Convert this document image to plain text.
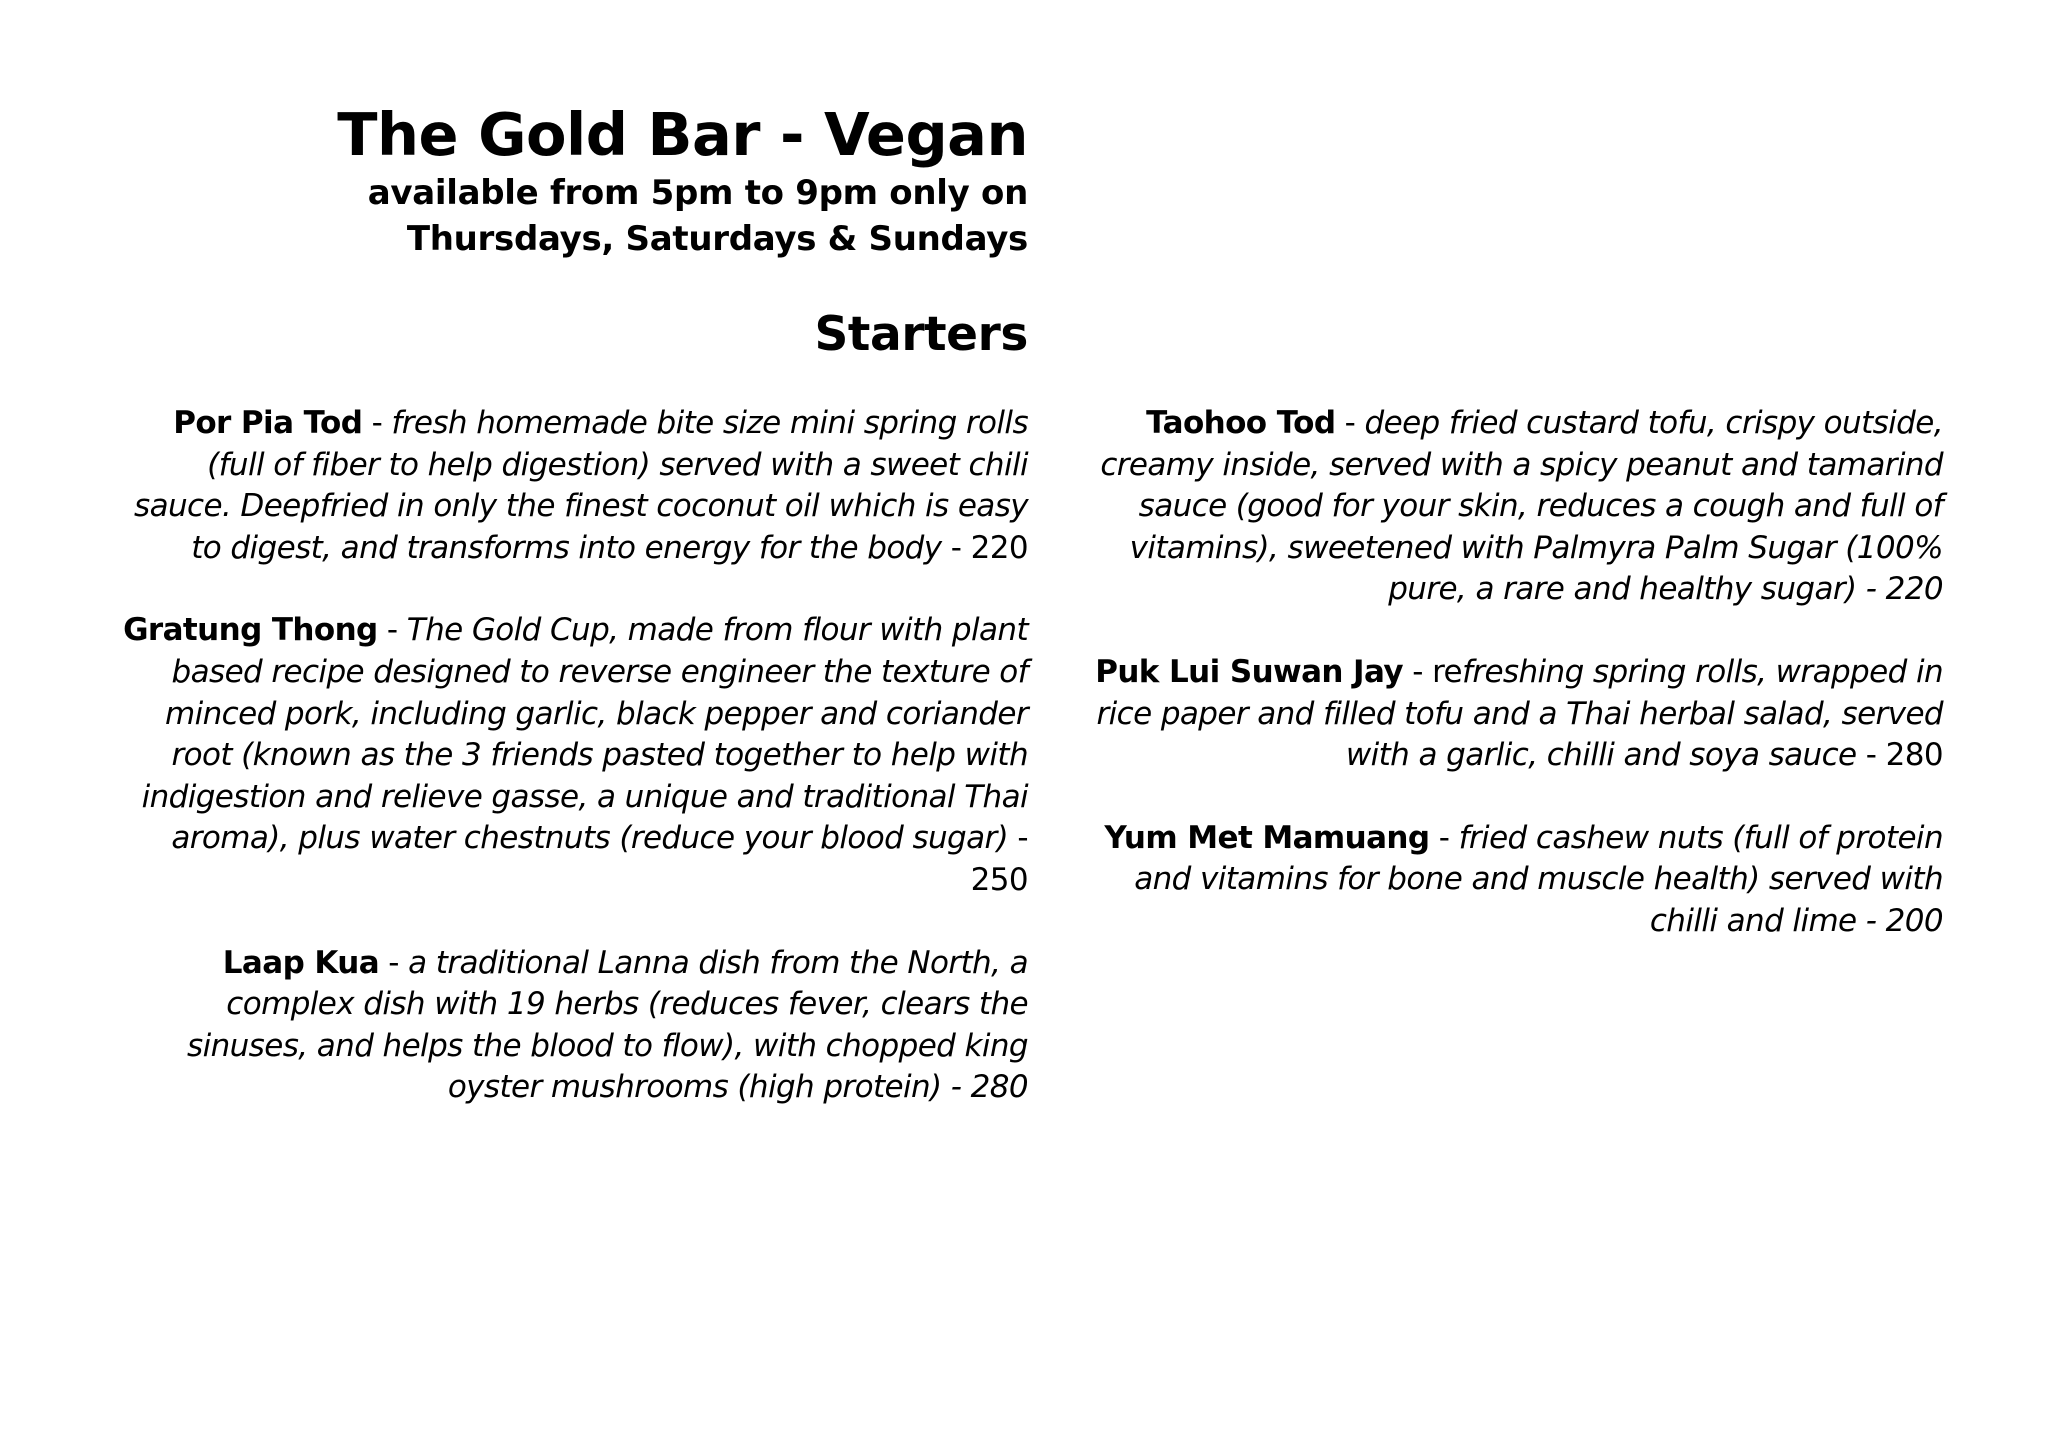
The Gold Bar - Vegan

available from 5pm to 9pm only on

Thursdays, Saturdays & Sundays

Starters

Por Pia Tod - fresh homemade bite size mini spring rolls (full of fiber to help digestion) served with a sweet chili sauce. Deepfried in only the finest coconut oil which is easy to digest, and transforms into energy for the body - 220

Gratung Thong - The Gold Cup, made from flour with plant based recipe designed to reverse engineer the texture of minced pork, including garlic, black pepper and coriander root (known as the 3 friends pasted together to help with indigestion and relieve gasse, a unique and traditional Thai aroma), plus water chestnuts (reduce your blood sugar) - 250

Laap Kua - a traditional Lanna dish from the North, a complex dish with 19 herbs (reduces fever, clears the sinuses, and helps the blood to flow), with chopped king oyster mushrooms (high protein) - 280

Taohoo Tod - deep fried custard tofu, crispy outside, creamy inside, served with a spicy peanut and tamarind sauce (good for your skin, reduces a cough and full of vitamins), sweetened with Palmyra Palm Sugar (100% pure, a rare and healthy sugar) - 220

Puk Lui Suwan Jay - refreshing spring rolls, wrapped in rice paper and filled tofu and a Thai herbal salad, served with a garlic, chilli and soya sauce - 280

Yum Met Mamuang - fried cashew nuts (full of protein and vitamins for bone and muscle health) served with chilli and lime - 200
